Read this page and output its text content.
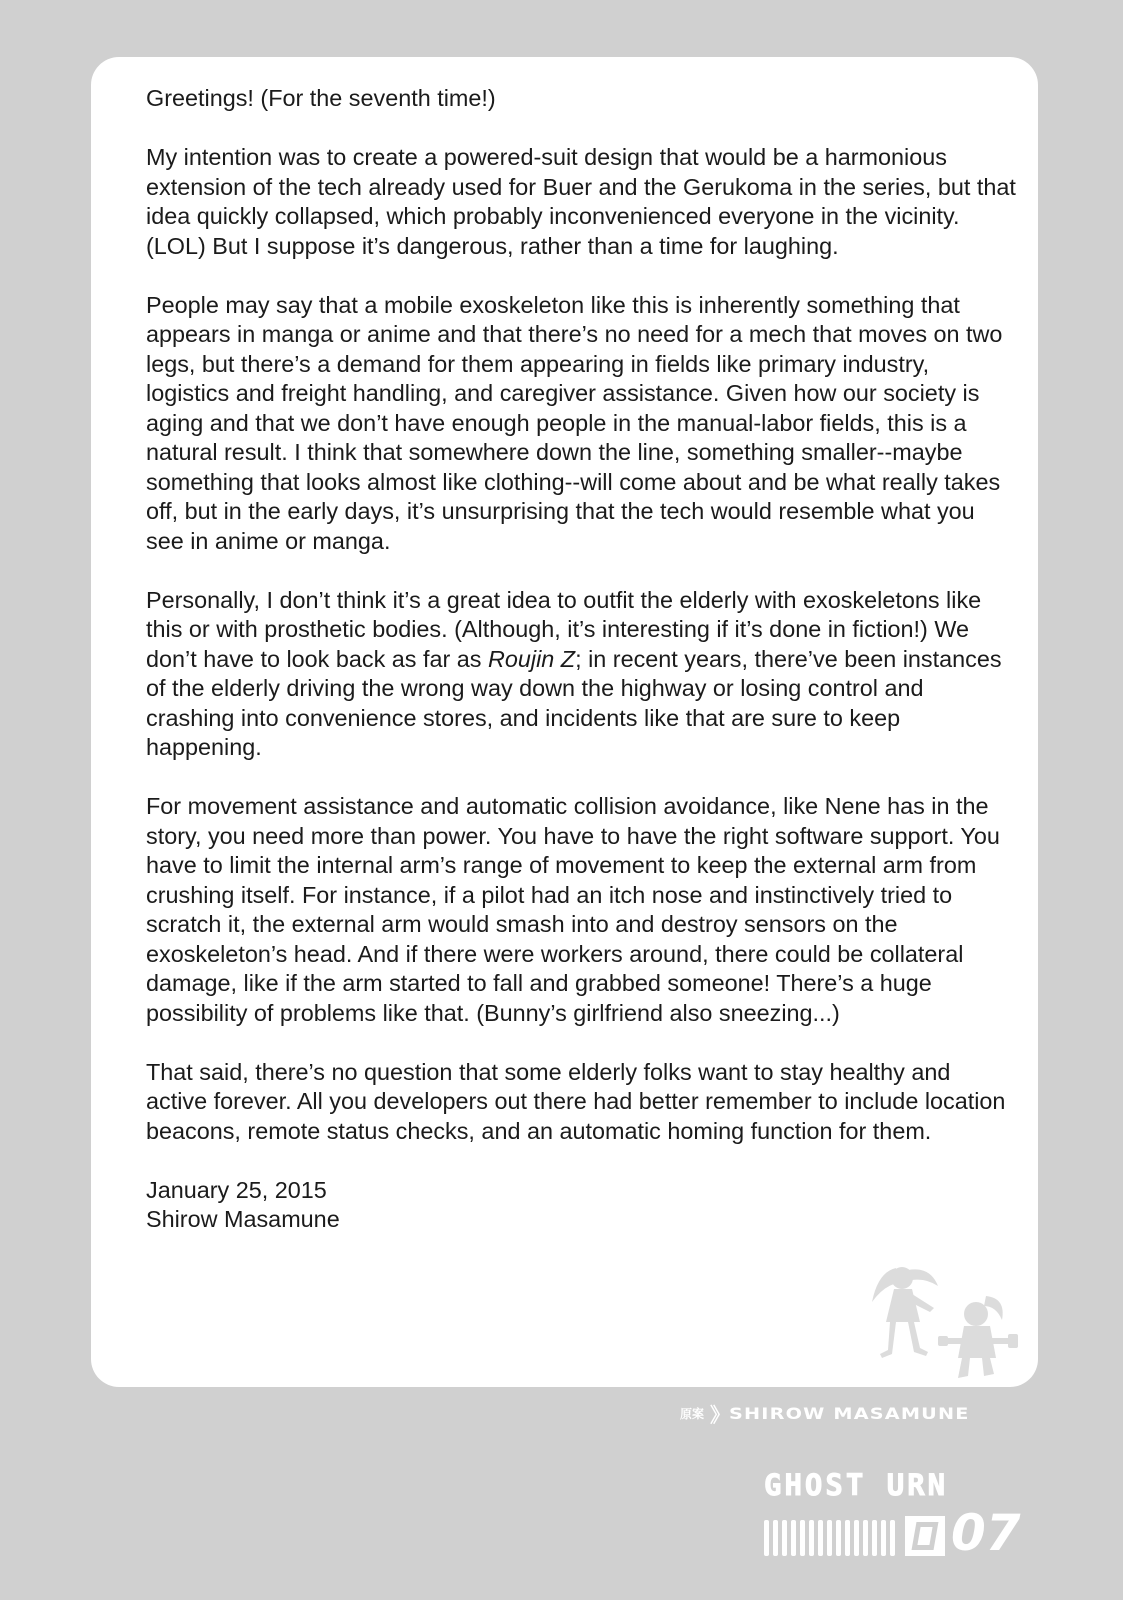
Greetings! (For the seventh time!)

My intention was to create a powered-suit design that would be a harmonious extension of the tech already used for Buer and the Gerukoma in the series, but that idea quickly collapsed, which probably inconvenienced everyone in the vicinity. (LOL) But I suppose it’s dangerous, rather than a time for laughing.

People may say that a mobile exoskeleton like this is inherently something that appears in manga or anime and that there’s no need for a mech that moves on two legs, but there’s a demand for them appearing in fields like primary industry, logistics and freight handling, and caregiver assistance. Given how our society is aging and that we don’t have enough people in the manual-labor fields, this is a natural result. I think that somewhere down the line, something smaller--maybe something that looks almost like clothing--will come about and be what really takes off, but in the early days, it’s unsurprising that the tech would resemble what you see in anime or manga.

Personally, I don’t think it’s a great idea to outfit the elderly with exoskeletons like this or with prosthetic bodies. (Although, it’s interesting if it’s done in fiction!) We don’t have to look back as far as Roujin Z; in recent years, there’ve been instances of the elderly driving the wrong way down the highway or losing control and crashing into convenience stores, and incidents like that are sure to keep happening.

For movement assistance and automatic collision avoidance, like Nene has in the story, you need more than power. You have to have the right software support. You have to limit the internal arm’s range of movement to keep the external arm from crushing itself. For instance, if a pilot had an itch nose and instinctively tried to scratch it, the external arm would smash into and destroy sensors on the exoskeleton’s head. And if there were workers around, there could be collateral damage, like if the arm started to fall and grabbed someone! There’s a huge possibility of problems like that. (Bunny’s girlfriend also sneezing...)

That said, there’s no question that some elderly folks want to stay healthy and active forever. All you developers out there had better remember to include location beacons, remote status checks, and an automatic homing function for them.

January 25, 2015
Shirow Masamune

原案 》 SHIROW MASAMUNE
GHOST URN
07
